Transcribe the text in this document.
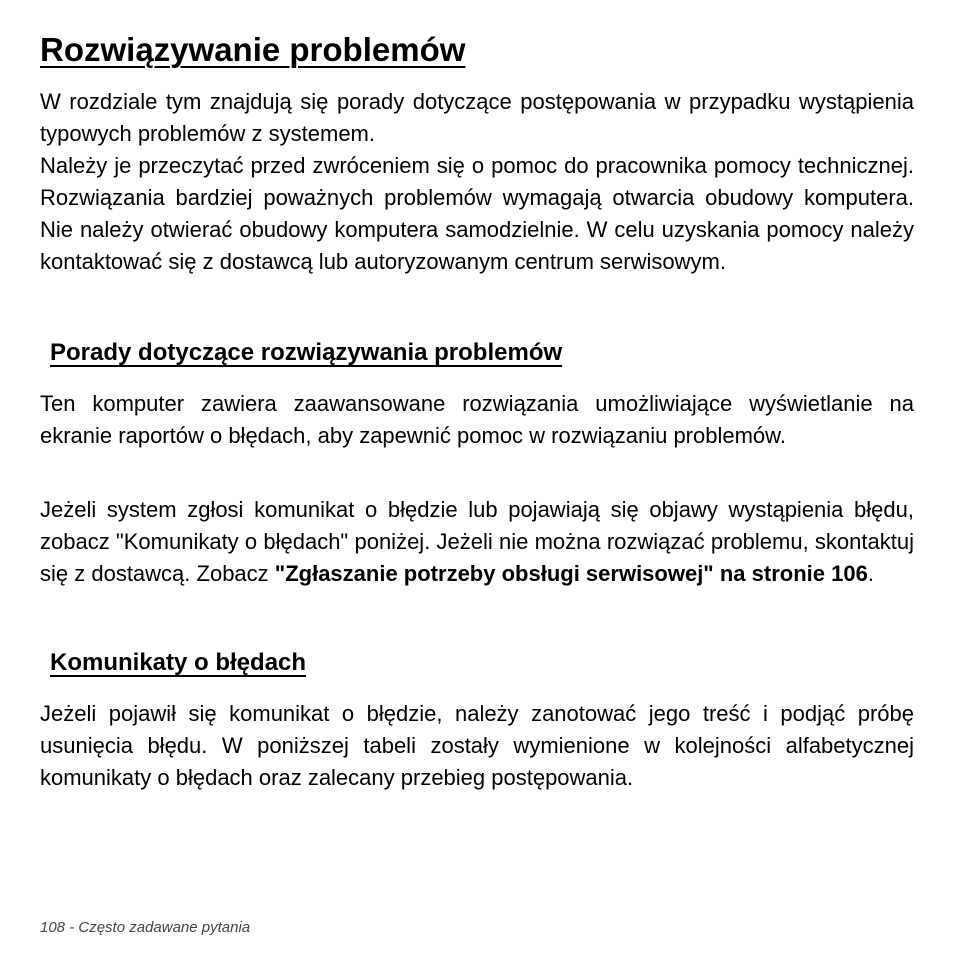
Rozwiązywanie problemów

W rozdziale tym znajdują się porady dotyczące postępowania w przypadku wystąpienia typowych problemów z systemem.

Należy je przeczytać przed zwróceniem się o pomoc do pracownika pomocy technicznej. Rozwiązania bardziej poważnych problemów wymagają otwarcia obudowy komputera. Nie należy otwierać obudowy komputera samodzielnie. W celu uzyskania pomocy należy kontaktować się z dostawcą lub autoryzowanym centrum serwisowym.

Porady dotyczące rozwiązywania problemów

Ten komputer zawiera zaawansowane rozwiązania umożliwiające wyświetlanie na ekranie raportów o błędach, aby zapewnić pomoc w rozwiązaniu problemów.

Jeżeli system zgłosi komunikat o błędzie lub pojawiają się objawy wystąpienia błędu, zobacz "Komunikaty o błędach" poniżej. Jeżeli nie można rozwiązać problemu, skontaktuj się z dostawcą. Zobacz "Zgłaszanie potrzeby obsługi serwisowej" na stronie 106.

Komunikaty o błędach

Jeżeli pojawił się komunikat o błędzie, należy zanotować jego treść i podjąć próbę usunięcia błędu. W poniższej tabeli zostały wymienione w kolejności alfabetycznej komunikaty o błędach oraz zalecany przebieg postępowania.

108 - Często zadawane pytania
